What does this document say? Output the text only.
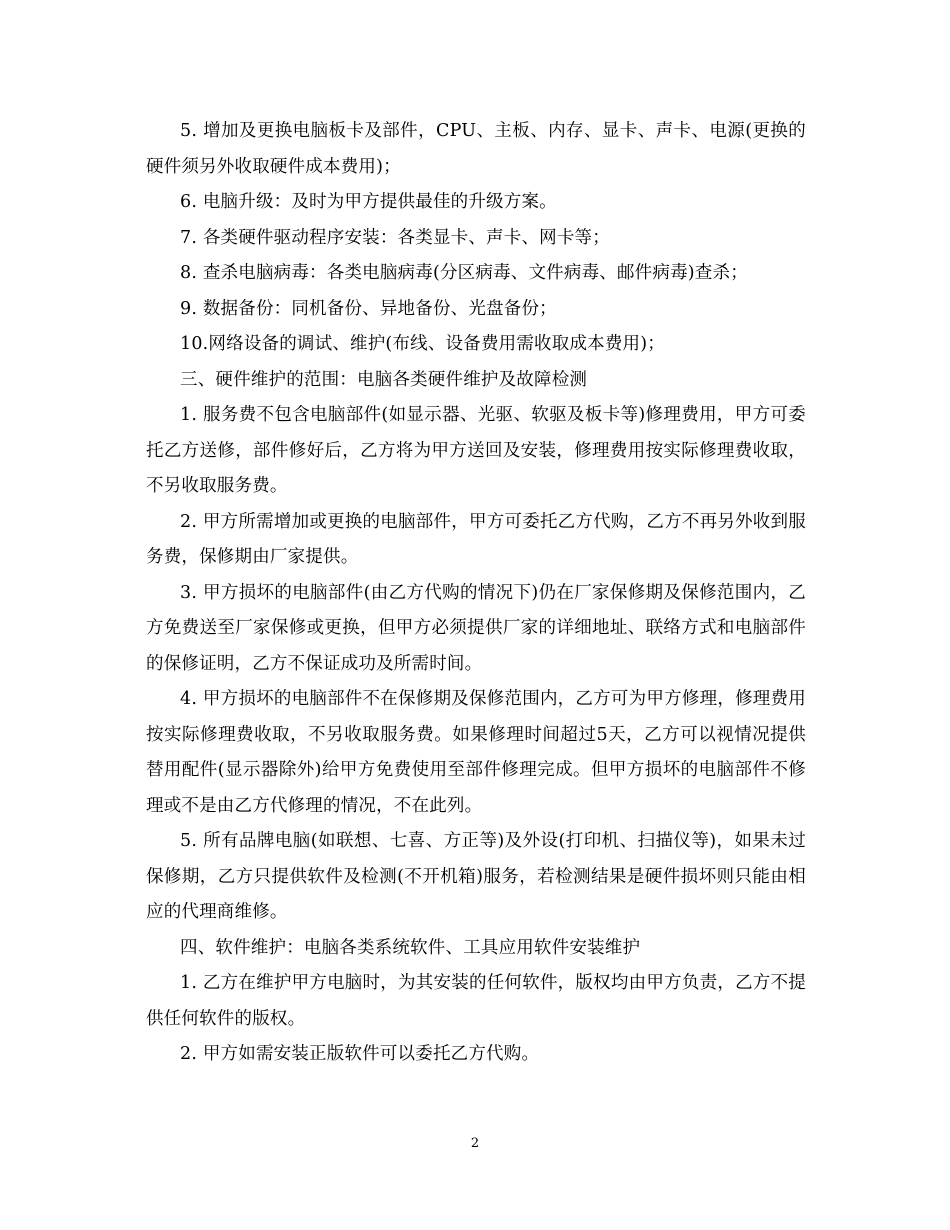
5. 增加及更换电脑板卡及部件，CPU、主板、内存、显卡、声卡、电源(更换的硬件须另外收取硬件成本费用)；

6. 电脑升级：及时为甲方提供最佳的升级方案。

7. 各类硬件驱动程序安装：各类显卡、声卡、网卡等；

8. 查杀电脑病毒：各类电脑病毒(分区病毒、文件病毒、邮件病毒)查杀；

9. 数据备份：同机备份、异地备份、光盘备份；

10.网络设备的调试、维护(布线、设备费用需收取成本费用)；

三、硬件维护的范围：电脑各类硬件维护及故障检测

1. 服务费不包含电脑部件(如显示器、光驱、软驱及板卡等)修理费用，甲方可委托乙方送修，部件修好后，乙方将为甲方送回及安装，修理费用按实际修理费收取，不另收取服务费。

2. 甲方所需增加或更换的电脑部件，甲方可委托乙方代购，乙方不再另外收到服务费，保修期由厂家提供。

3. 甲方损坏的电脑部件(由乙方代购的情况下)仍在厂家保修期及保修范围内，乙方免费送至厂家保修或更换，但甲方必须提供厂家的详细地址、联络方式和电脑部件的保修证明，乙方不保证成功及所需时间。

4. 甲方损坏的电脑部件不在保修期及保修范围内，乙方可为甲方修理，修理费用按实际修理费收取，不另收取服务费。如果修理时间超过5天，乙方可以视情况提供替用配件(显示器除外)给甲方免费使用至部件修理完成。但甲方损坏的电脑部件不修理或不是由乙方代修理的情况，不在此列。

5. 所有品牌电脑(如联想、七喜、方正等)及外设(打印机、扫描仪等)，如果未过保修期，乙方只提供软件及检测(不开机箱)服务，若检测结果是硬件损坏则只能由相应的代理商维修。

四、软件维护：电脑各类系统软件、工具应用软件安装维护

1. 乙方在维护甲方电脑时，为其安装的任何软件，版权均由甲方负责，乙方不提供任何软件的版权。

2. 甲方如需安装正版软件可以委托乙方代购。

2
